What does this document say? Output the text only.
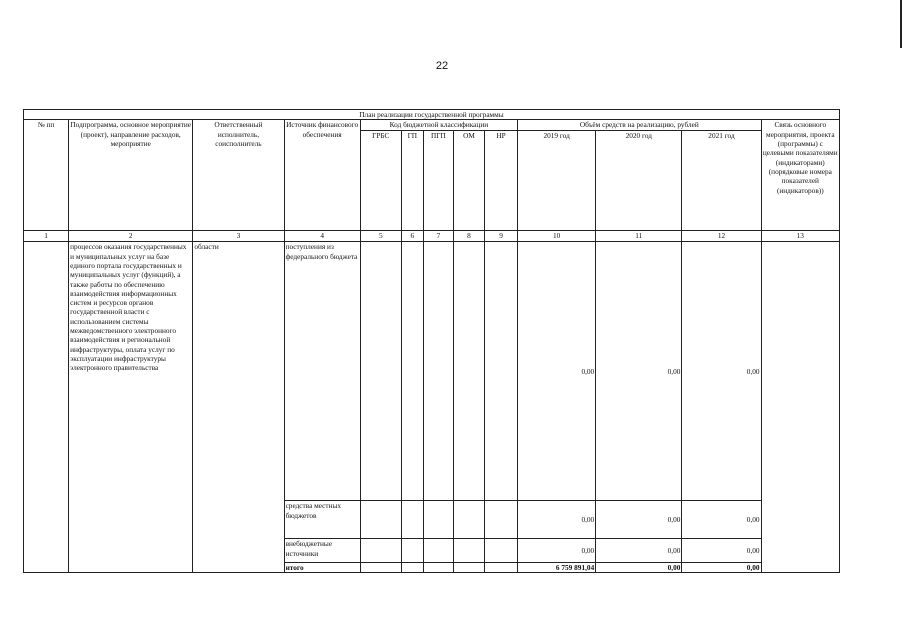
22
План реализации государственной программы												
№ пп	Подпрограмма, основное мероприятие (проект), направление расходов, мероприятие	Ответственный исполнитель, соисполнитель	Источник финансового обеспечения	Код бюджетной классификации					Объём средств на реализацию, рублей			Связь основного мероприятия, проекта (программы) с целевыми показателями (индикаторами) (порядковые номера показателей (индикаторов))
				ГРБС	ГП	ПГП	ОМ	НР	2019 год	2020 год	2021 год	
1	2	3	4	5	6	7	8	9	10	11	12	13
	процессов оказания государственных и муниципальных услуг на базе единого портала государственных и муниципальных услуг (функций), а также работы по обеспечению взаимодействия информационных систем и ресурсов органов государственной власти с использованием системы межведомственного электронного взаимодействия и региональной инфраструктуры, оплата услуг по эксплуатации инфраструктуры электронного правительства	области	поступления из федерального бюджета						0,00	0,00	0,00	
			средства местных бюджетов						0,00	0,00	0,00	
			внебюджетные источники						0,00	0,00	0,00	
			итого						6 759 891,04	0,00	0,00	
